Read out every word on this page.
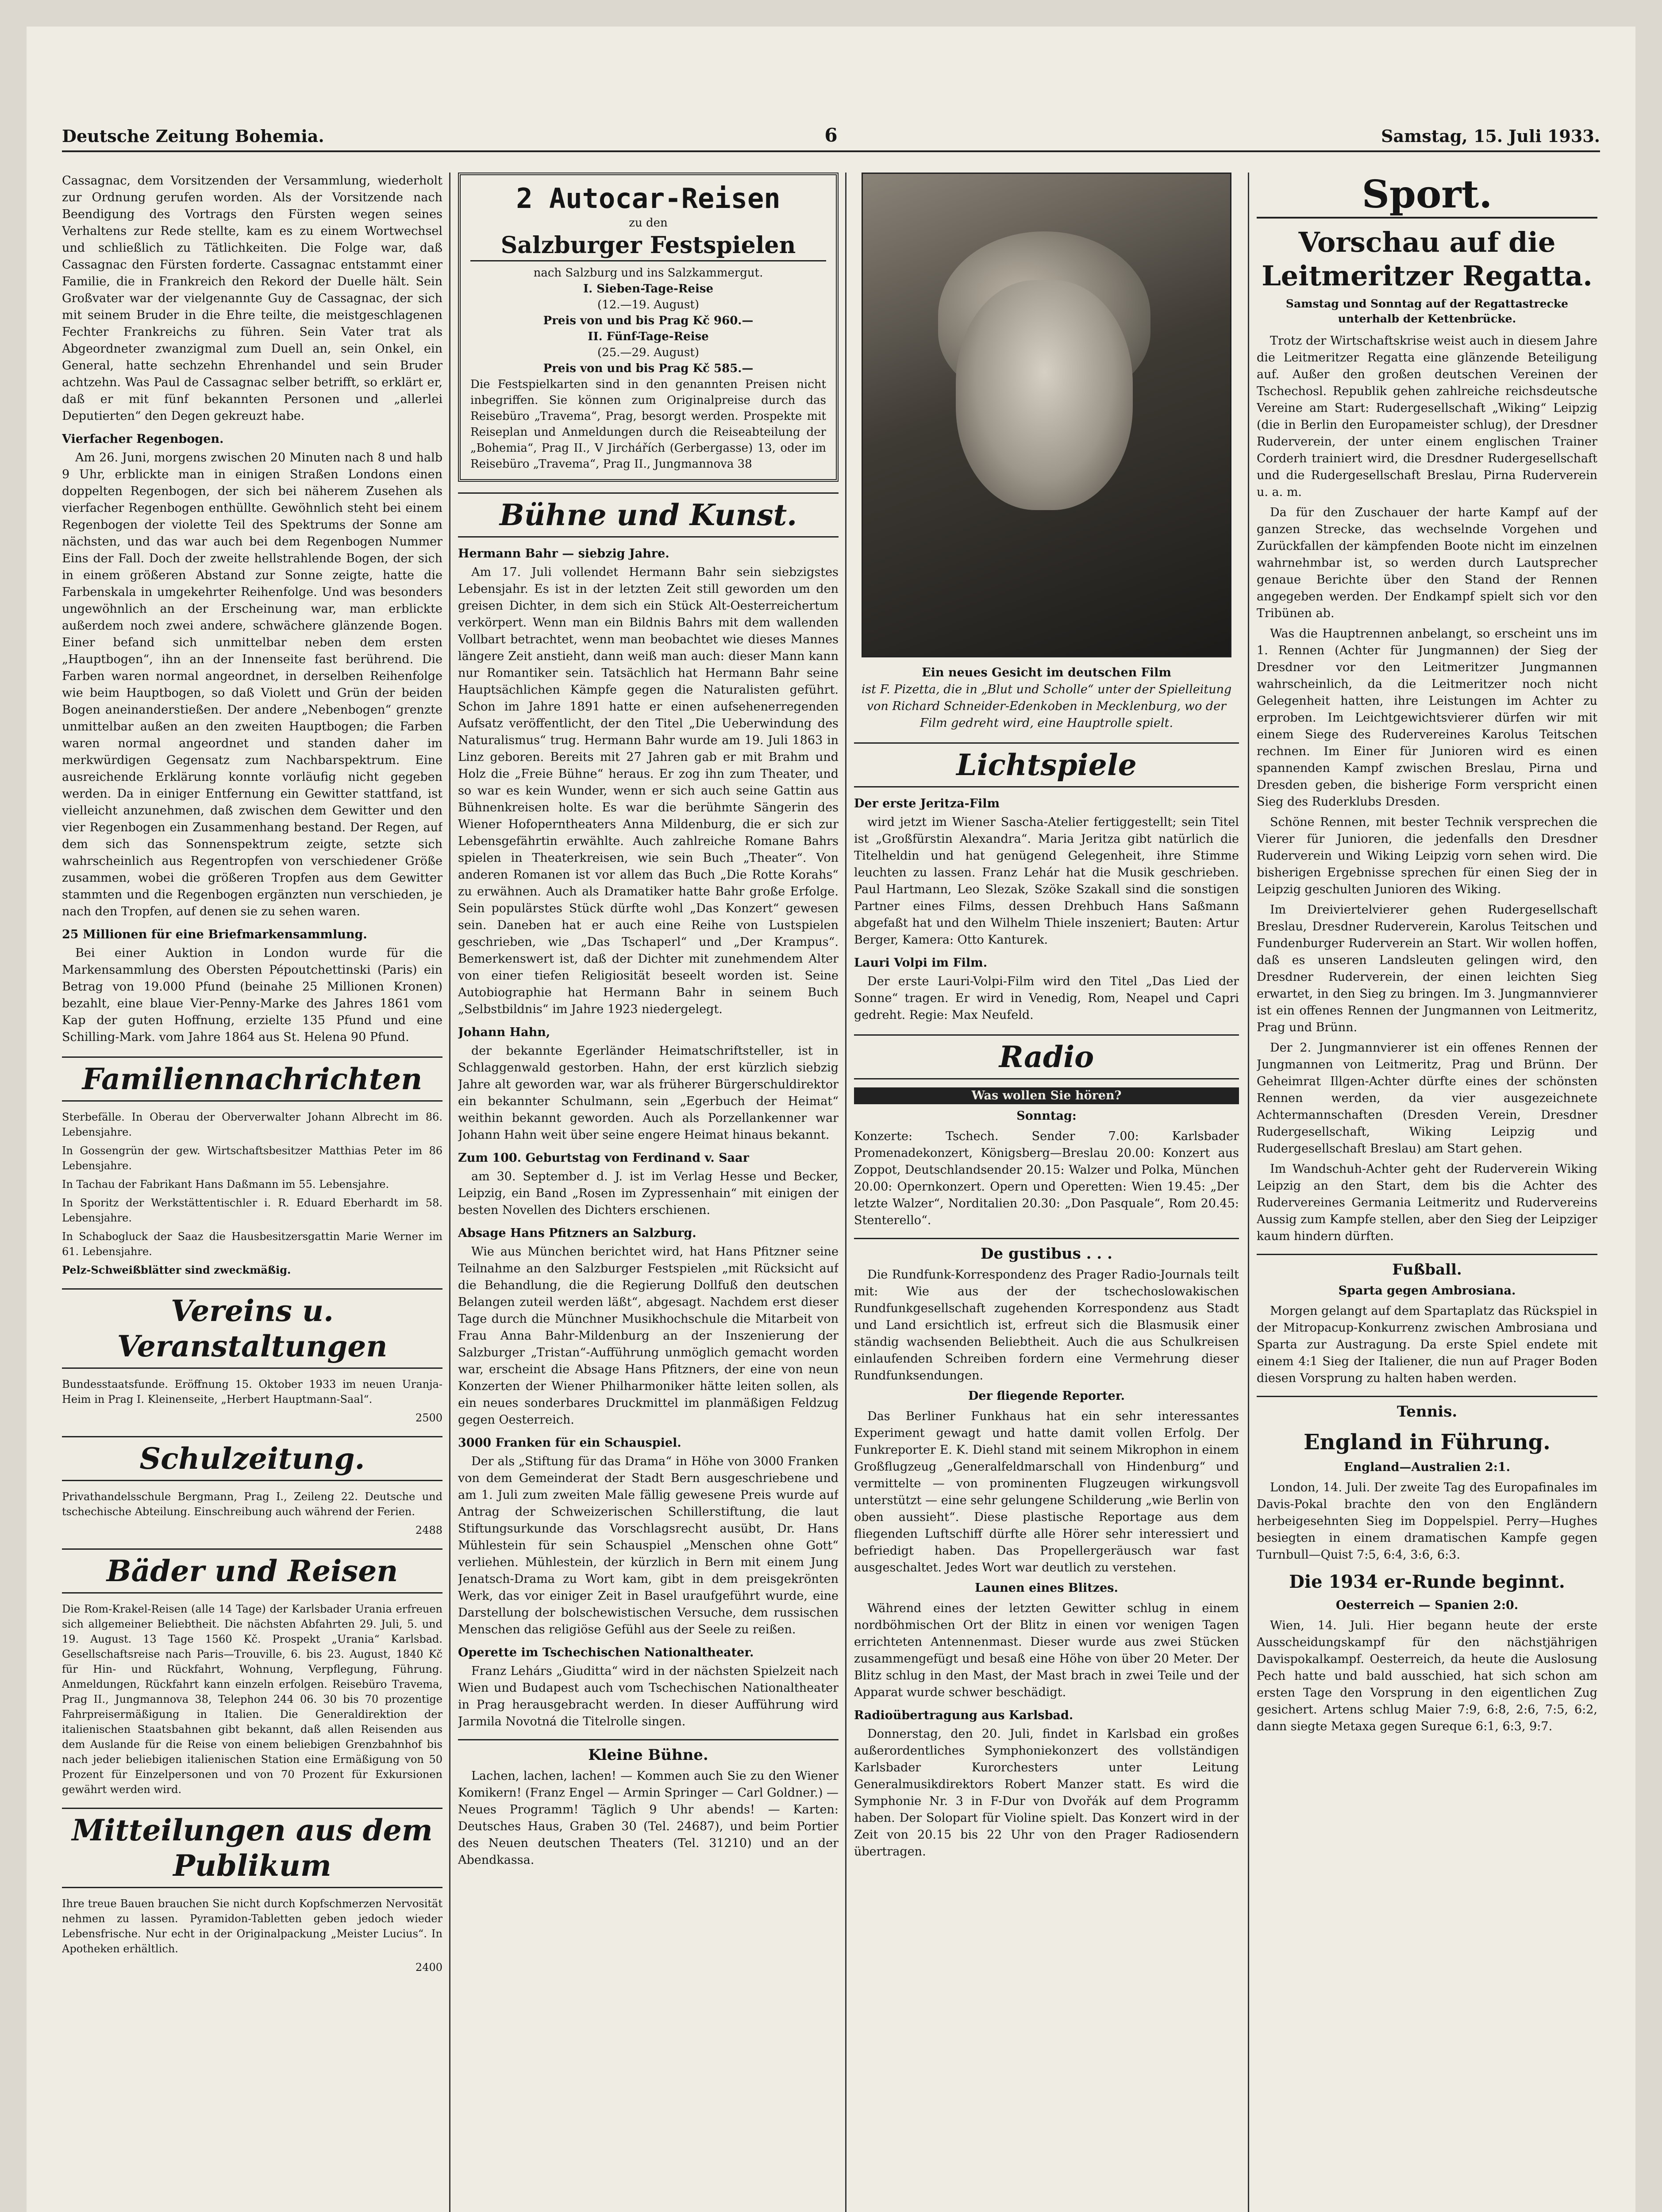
Deutsche Zeitung Bohemia.	6	Samstag, 15. Juli 1933.

Cassagnac, dem Vorsitzenden der Versammlung, wiederholt zur Ordnung gerufen worden. Als der Vorsitzende nach Beendigung des Vortrags den Fürsten wegen seines Verhaltens zur Rede stellte, kam es zu einem Wortwechsel und schließlich zu Tätlichkeiten. Die Folge war, daß Cassagnac den Fürsten forderte. Cassagnac entstammt einer Familie, die in Frankreich den Rekord der Duelle hält. Sein Großvater war der vielgenannte Guy de Cassagnac, der sich mit seinem Bruder in die Ehre teilte, die meistgeschlagenen Fechter Frankreichs zu führen. Sein Vater trat als Abgeordneter zwanzigmal zum Duell an, sein Onkel, ein General, hatte sechzehn Ehrenhandel und sein Bruder achtzehn. Was Paul de Cassagnac selber betrifft, so erklärt er, daß er mit fünf bekannten Personen und „allerlei Deputierten“ den Degen gekreuzt habe.

Vierfacher Regenbogen.

Am 26. Juni, morgens zwischen 20 Minuten nach 8 und halb 9 Uhr, erblickte man in einigen Straßen Londons einen doppelten Regenbogen, der sich bei näherem Zusehen als vierfacher Regenbogen enthüllte. Gewöhnlich steht bei einem Regenbogen der violette Teil des Spektrums der Sonne am nächsten, und das war auch bei dem Regenbogen Nummer Eins der Fall. Doch der zweite hellstrahlende Bogen, der sich in einem größeren Abstand zur Sonne zeigte, hatte die Farbenskala in umgekehrter Reihenfolge. Und was besonders ungewöhnlich an der Erscheinung war, man erblickte außerdem noch zwei andere, schwächere glänzende Bogen. Einer befand sich unmittelbar neben dem ersten „Hauptbogen“, ihn an der Innenseite fast berührend. Die Farben waren normal angeordnet, in derselben Reihenfolge wie beim Hauptbogen, so daß Violett und Grün der beiden Bogen aneinanderstießen. Der andere „Nebenbogen“ grenzte unmittelbar außen an den zweiten Hauptbogen; die Farben waren normal angeordnet und standen daher im merkwürdigen Gegensatz zum Nachbarspektrum. Eine ausreichende Erklärung konnte vorläufig nicht gegeben werden. Da in einiger Entfernung ein Gewitter stattfand, ist vielleicht anzunehmen, daß zwischen dem Gewitter und den vier Regenbogen ein Zusammenhang bestand. Der Regen, auf dem sich das Sonnenspektrum zeigte, setzte sich wahrscheinlich aus Regentropfen von verschiedener Größe zusammen, wobei die größeren Tropfen aus dem Gewitter stammten und die Regenbogen ergänzten nun verschieden, je nach den Tropfen, auf denen sie zu sehen waren.

25 Millionen für eine Briefmarkensammlung.

Bei einer Auktion in London wurde für die Markensammlung des Obersten Pépoutchettinski (Paris) ein Betrag von 19.000 Pfund (beinahe 25 Millionen Kronen) bezahlt, eine blaue Vier-Penny-Marke des Jahres 1861 vom Kap der guten Hoffnung, erzielte 135 Pfund und eine Schilling-Mark. vom Jahre 1864 aus St. Helena 90 Pfund.

Familiennachrichten

Sterbefälle. In Oberau der Oberverwalter Johann Albrecht im 86. Lebensjahre.

In Gossengrün der gew. Wirtschaftsbesitzer Matthias Peter im 86 Lebensjahre.

In Tachau der Fabrikant Hans Daßmann im 55. Lebensjahre.

In Sporitz der Werkstättentischler i. R. Eduard Eberhardt im 58. Lebensjahre.

In Schabogluck der Saaz die Hausbesitzersgattin Marie Werner im 61. Lebensjahre.

Pelz-Schweißblätter sind zweckmäßig.

Vereins u. Veranstaltungen

Bundesstaatsfunde. Eröffnung 15. Oktober 1933 im neuen Uranja-Heim in Prag I. Kleinenseite, „Herbert Hauptmann-Saal“.

2500

Schulzeitung.

Privathandelsschule Bergmann, Prag I., Zeileng 22. Deutsche und tschechische Abteilung. Einschreibung auch während der Ferien.

2488

Bäder und Reisen

Die Rom-Krakel-Reisen (alle 14 Tage) der Karlsbader Urania erfreuen sich allgemeiner Beliebtheit. Die nächsten Abfahrten 29. Juli, 5. und 19. August. 13 Tage 1560 Kč. Prospekt „Urania“ Karlsbad. Gesellschaftsreise nach Paris—Trouville, 6. bis 23. August, 1840 Kč für Hin- und Rückfahrt, Wohnung, Verpflegung, Führung. Anmeldungen, Rückfahrt kann einzeln erfolgen. Reisebüro Travema, Prag II., Jungmannova 38, Telephon 244 06. 30 bis 70 prozentige Fahrpreisermäßigung in Italien. Die Generaldirektion der italienischen Staatsbahnen gibt bekannt, daß allen Reisenden aus dem Auslande für die Reise von einem beliebigen Grenzbahnhof bis nach jeder beliebigen italienischen Station eine Ermäßigung von 50 Prozent für Einzelpersonen und von 70 Prozent für Exkursionen gewährt werden wird.

Mitteilungen aus dem Publikum

Ihre treue Bauen brauchen Sie nicht durch Kopfschmerzen Nervosität nehmen zu lassen. Pyramidon-Tabletten geben jedoch wieder Lebensfrische. Nur echt in der Originalpackung „Meister Lucius“. In Apotheken erhältlich.

2400

2 Autocar-Reisen
zu den
Salzburger Festspielen
nach Salzburg und ins Salzkammergut.
I. Sieben-Tage-Reise
(12.—19. August)
Preis von und bis Prag Kč 960.—
II. Fünf-Tage-Reise
(25.—29. August)
Preis von und bis Prag Kč 585.—
Die Festspielkarten sind in den genannten Preisen nicht inbegriffen. Sie können zum Originalpreise durch das Reisebüro „Travema“, Prag, besorgt werden. Prospekte mit Reiseplan und Anmeldungen durch die Reiseabteilung der „Bohemia“, Prag II., V Jirchářích (Gerbergasse) 13, oder im Reisebüro „Travema“, Prag II., Jungmannova 38
Bühne und Kunst.
Hermann Bahr — siebzig Jahre.

Am 17. Juli vollendet Hermann Bahr sein siebzigstes Lebensjahr. Es ist in der letzten Zeit still geworden um den greisen Dichter, in dem sich ein Stück Alt-Oesterreichertum verkörpert. Wenn man ein Bildnis Bahrs mit dem wallenden Vollbart betrachtet, wenn man beobachtet wie dieses Mannes längere Zeit anstieht, dann weiß man auch: dieser Mann kann nur Romantiker sein. Tatsächlich hat Hermann Bahr seine Hauptsächlichen Kämpfe gegen die Naturalisten geführt. Schon im Jahre 1891 hatte er einen aufsehenerregenden Aufsatz veröffentlicht, der den Titel „Die Ueberwindung des Naturalismus“ trug. Hermann Bahr wurde am 19. Juli 1863 in Linz geboren. Bereits mit 27 Jahren gab er mit Brahm und Holz die „Freie Bühne“ heraus. Er zog ihn zum Theater, und so war es kein Wunder, wenn er sich auch seine Gattin aus Bühnenkreisen holte. Es war die berühmte Sängerin des Wiener Hofoperntheaters Anna Mildenburg, die er sich zur Lebensgefährtin erwählte. Auch zahlreiche Romane Bahrs spielen in Theaterkreisen, wie sein Buch „Theater“. Von anderen Romanen ist vor allem das Buch „Die Rotte Korahs“ zu erwähnen. Auch als Dramatiker hatte Bahr große Erfolge. Sein populärstes Stück dürfte wohl „Das Konzert“ gewesen sein. Daneben hat er auch eine Reihe von Lustspielen geschrieben, wie „Das Tschaperl“ und „Der Krampus“. Bemerkenswert ist, daß der Dichter mit zunehmendem Alter von einer tiefen Religiosität beseelt worden ist. Seine Autobiographie hat Hermann Bahr in seinem Buch „Selbstbildnis“ im Jahre 1923 niedergelegt.

Johann Hahn,

der bekannte Egerländer Heimatschriftsteller, ist in Schlaggenwald gestorben. Hahn, der erst kürzlich siebzig Jahre alt geworden war, war als früherer Bürgerschuldirektor ein bekannter Schulmann, sein „Egerbuch der Heimat“ weithin bekannt geworden. Auch als Porzellankenner war Johann Hahn weit über seine engere Heimat hinaus bekannt.

Zum 100. Geburtstag von Ferdinand v. Saar

am 30. September d. J. ist im Verlag Hesse und Becker, Leipzig, ein Band „Rosen im Zypressenhain“ mit einigen der besten Novellen des Dichters erschienen.

Absage Hans Pfitzners an Salzburg.

Wie aus München berichtet wird, hat Hans Pfitzner seine Teilnahme an den Salzburger Festspielen „mit Rücksicht auf die Behandlung, die die Regierung Dollfuß den deutschen Belangen zuteil werden läßt“, abgesagt. Nachdem erst dieser Tage durch die Münchner Musikhochschule die Mitarbeit von Frau Anna Bahr-Mildenburg an der Inszenierung der Salzburger „Tristan“-Aufführung unmöglich gemacht worden war, erscheint die Absage Hans Pfitzners, der eine von neun Konzerten der Wiener Philharmoniker hätte leiten sollen, als ein neues sonderbares Druckmittel im planmäßigen Feldzug gegen Oesterreich.

3000 Franken für ein Schauspiel.

Der als „Stiftung für das Drama“ in Höhe von 3000 Franken von dem Gemeinderat der Stadt Bern ausgeschriebene und am 1. Juli zum zweiten Male fällig gewesene Preis wurde auf Antrag der Schweizerischen Schillerstiftung, die laut Stiftungsurkunde das Vorschlagsrecht ausübt, Dr. Hans Mühlestein für sein Schauspiel „Menschen ohne Gott“ verliehen. Mühlestein, der kürzlich in Bern mit einem Jung Jenatsch-Drama zu Wort kam, gibt in dem preisgekrönten Werk, das vor einiger Zeit in Basel uraufgeführt wurde, eine Darstellung der bolschewistischen Versuche, dem russischen Menschen das religiöse Gefühl aus der Seele zu reißen.

Operette im Tschechischen Nationaltheater.

Franz Lehárs „Giuditta“ wird in der nächsten Spielzeit nach Wien und Budapest auch vom Tschechischen Nationaltheater in Prag herausgebracht werden. In dieser Aufführung wird Jarmila Novotná die Titelrolle singen.

Kleine Bühne.

Lachen, lachen, lachen! — Kommen auch Sie zu den Wiener Komikern! (Franz Engel — Armin Springer — Carl Goldner.) — Neues Programm! Täglich 9 Uhr abends! — Karten: Deutsches Haus, Graben 30 (Tel. 24687), und beim Portier des Neuen deutschen Theaters (Tel. 31210) und an der Abendkassa.

Ein neues Gesicht im deutschen Film
ist F. Pizetta, die in „Blut und Scholle“ unter der Spielleitung von Richard Schneider-Edenkoben in Mecklenburg, wo der Film gedreht wird, eine Hauptrolle spielt.
Lichtspiele
Der erste Jeritza-Film

wird jetzt im Wiener Sascha-Atelier fertiggestellt; sein Titel ist „Großfürstin Alexandra“. Maria Jeritza gibt natürlich die Titelheldin und hat genügend Gelegenheit, ihre Stimme leuchten zu lassen. Franz Lehár hat die Musik geschrieben. Paul Hartmann, Leo Slezak, Szöke Szakall sind die sonstigen Partner eines Films, dessen Drehbuch Hans Saßmann abgefaßt hat und den Wilhelm Thiele inszeniert; Bauten: Artur Berger, Kamera: Otto Kanturek.

Lauri Volpi im Film.

Der erste Lauri-Volpi-Film wird den Titel „Das Lied der Sonne“ tragen. Er wird in Venedig, Rom, Neapel und Capri gedreht. Regie: Max Neufeld.

Radio
Was wollen Sie hören?
Sonntag:

Konzerte: Tschech. Sender 7.00: Karlsbader Promenadekonzert, Königsberg—Breslau 20.00: Konzert aus Zoppot, Deutschlandsender 20.15: Walzer und Polka, München 20.00: Opernkonzert. Opern und Operetten: Wien 19.45: „Der letzte Walzer“, Norditalien 20.30: „Don Pasquale“, Rom 20.45: Stenterello“.

De gustibus . . .

Die Rundfunk-Korrespondenz des Prager Radio-Journals teilt mit: Wie aus der der tschechoslowakischen Rundfunkgesellschaft zugehenden Korrespondenz aus Stadt und Land ersichtlich ist, erfreut sich die Blasmusik einer ständig wachsenden Beliebtheit. Auch die aus Schulkreisen einlaufenden Schreiben fordern eine Vermehrung dieser Rundfunksendungen.

Der fliegende Reporter.

Das Berliner Funkhaus hat ein sehr interessantes Experiment gewagt und hatte damit vollen Erfolg. Der Funkreporter E. K. Diehl stand mit seinem Mikrophon in einem Großflugzeug „Generalfeldmarschall von Hindenburg“ und vermittelte — von prominenten Flugzeugen wirkungsvoll unterstützt — eine sehr gelungene Schilderung „wie Berlin von oben aussieht“. Diese plastische Reportage aus dem fliegenden Luftschiff dürfte alle Hörer sehr interessiert und befriedigt haben. Das Propellergeräusch war fast ausgeschaltet. Jedes Wort war deutlich zu verstehen.

Launen eines Blitzes.

Während eines der letzten Gewitter schlug in einem nordböhmischen Ort der Blitz in einen vor wenigen Tagen errichteten Antennenmast. Dieser wurde aus zwei Stücken zusammengefügt und besaß eine Höhe von über 20 Meter. Der Blitz schlug in den Mast, der Mast brach in zwei Teile und der Apparat wurde schwer beschädigt.

Radioübertragung aus Karlsbad.

Donnerstag, den 20. Juli, findet in Karlsbad ein großes außerordentliches Symphoniekonzert des vollständigen Karlsbader Kurorchesters unter Leitung Generalmusikdirektors Robert Manzer statt. Es wird die Symphonie Nr. 3 in F-Dur von Dvořák auf dem Programm haben. Der Solopart für Violine spielt. Das Konzert wird in der Zeit von 20.15 bis 22 Uhr von den Prager Radiosendern übertragen.

Sport.
Vorschau auf die Leitmeritzer Regatta.
Samstag und Sonntag auf der Regattastrecke unterhalb der Kettenbrücke.

Trotz der Wirtschaftskrise weist auch in diesem Jahre die Leitmeritzer Regatta eine glänzende Beteiligung auf. Außer den großen deutschen Vereinen der Tschechosl. Republik gehen zahlreiche reichsdeutsche Vereine am Start: Rudergesellschaft „Wiking“ Leipzig (die in Berlin den Europameister schlug), der Dresdner Ruderverein, der unter einem englischen Trainer Corderh trainiert wird, die Dresdner Rudergesellschaft und die Rudergesellschaft Breslau, Pirna Ruderverein u. a. m.

Da für den Zuschauer der harte Kampf auf der ganzen Strecke, das wechselnde Vorgehen und Zurückfallen der kämpfenden Boote nicht im einzelnen wahrnehmbar ist, so werden durch Lautsprecher genaue Berichte über den Stand der Rennen angegeben werden. Der Endkampf spielt sich vor den Tribünen ab.

Was die Hauptrennen anbelangt, so erscheint uns im 1. Rennen (Achter für Jungmannen) der Sieg der Dresdner vor den Leitmeritzer Jungmannen wahrscheinlich, da die Leitmeritzer noch nicht Gelegenheit hatten, ihre Leistungen im Achter zu erproben. Im Leichtgewichtsvierer dürfen wir mit einem Siege des Rudervereines Karolus Teitschen rechnen. Im Einer für Junioren wird es einen spannenden Kampf zwischen Breslau, Pirna und Dresden geben, die bisherige Form verspricht einen Sieg des Ruderklubs Dresden.

Schöne Rennen, mit bester Technik versprechen die Vierer für Junioren, die jedenfalls den Dresdner Ruderverein und Wiking Leipzig vorn sehen wird. Die bisherigen Ergebnisse sprechen für einen Sieg der in Leipzig geschulten Junioren des Wiking.

Im Dreiviertelvierer gehen Rudergesellschaft Breslau, Dresdner Ruderverein, Karolus Teitschen und Fundenburger Ruderverein an Start. Wir wollen hoffen, daß es unseren Landsleuten gelingen wird, den Dresdner Ruderverein, der einen leichten Sieg erwartet, in den Sieg zu bringen. Im 3. Jungmannvierer ist ein offenes Rennen der Jungmannen von Leitmeritz, Prag und Brünn.

Der 2. Jungmannvierer ist ein offenes Rennen der Jungmannen von Leitmeritz, Prag und Brünn. Der Geheimrat Illgen-Achter dürfte eines der schönsten Rennen werden, da vier ausgezeichnete Achtermannschaften (Dresden Verein, Dresdner Rudergesellschaft, Wiking Leipzig und Rudergesellschaft Breslau) am Start gehen.

Im Wandschuh-Achter geht der Ruderverein Wiking Leipzig an den Start, dem bis die Achter des Rudervereines Germania Leitmeritz und Rudervereins Aussig zum Kampfe stellen, aber den Sieg der Leipziger kaum hindern dürften.

Fußball.
Sparta gegen Ambrosiana.

Morgen gelangt auf dem Spartaplatz das Rückspiel in der Mitropacup-Konkurrenz zwischen Ambrosiana und Sparta zur Austragung. Da erste Spiel endete mit einem 4:1 Sieg der Italiener, die nun auf Prager Boden diesen Vorsprung zu halten haben werden.

Tennis.
England in Führung.
England—Australien 2:1.

London, 14. Juli. Der zweite Tag des Europafinales im Davis-Pokal brachte den von den Engländern herbeigesehnten Sieg im Doppelspiel. Perry—Hughes besiegten in einem dramatischen Kampfe gegen Turnbull—Quist 7:5, 6:4, 3:6, 6:3.

Die 1934 er-Runde beginnt.
Oesterreich — Spanien 2:0.

Wien, 14. Juli. Hier begann heute der erste Ausscheidungskampf für den nächstjährigen Davispokalkampf. Oesterreich, da heute die Auslosung Pech hatte und bald ausschied, hat sich schon am ersten Tage den Vorsprung in den eigentlichen Zug gesichert. Artens schlug Maier 7:9, 6:8, 2:6, 7:5, 6:2, dann siegte Metaxa gegen Sureque 6:1, 6:3, 9:7.
